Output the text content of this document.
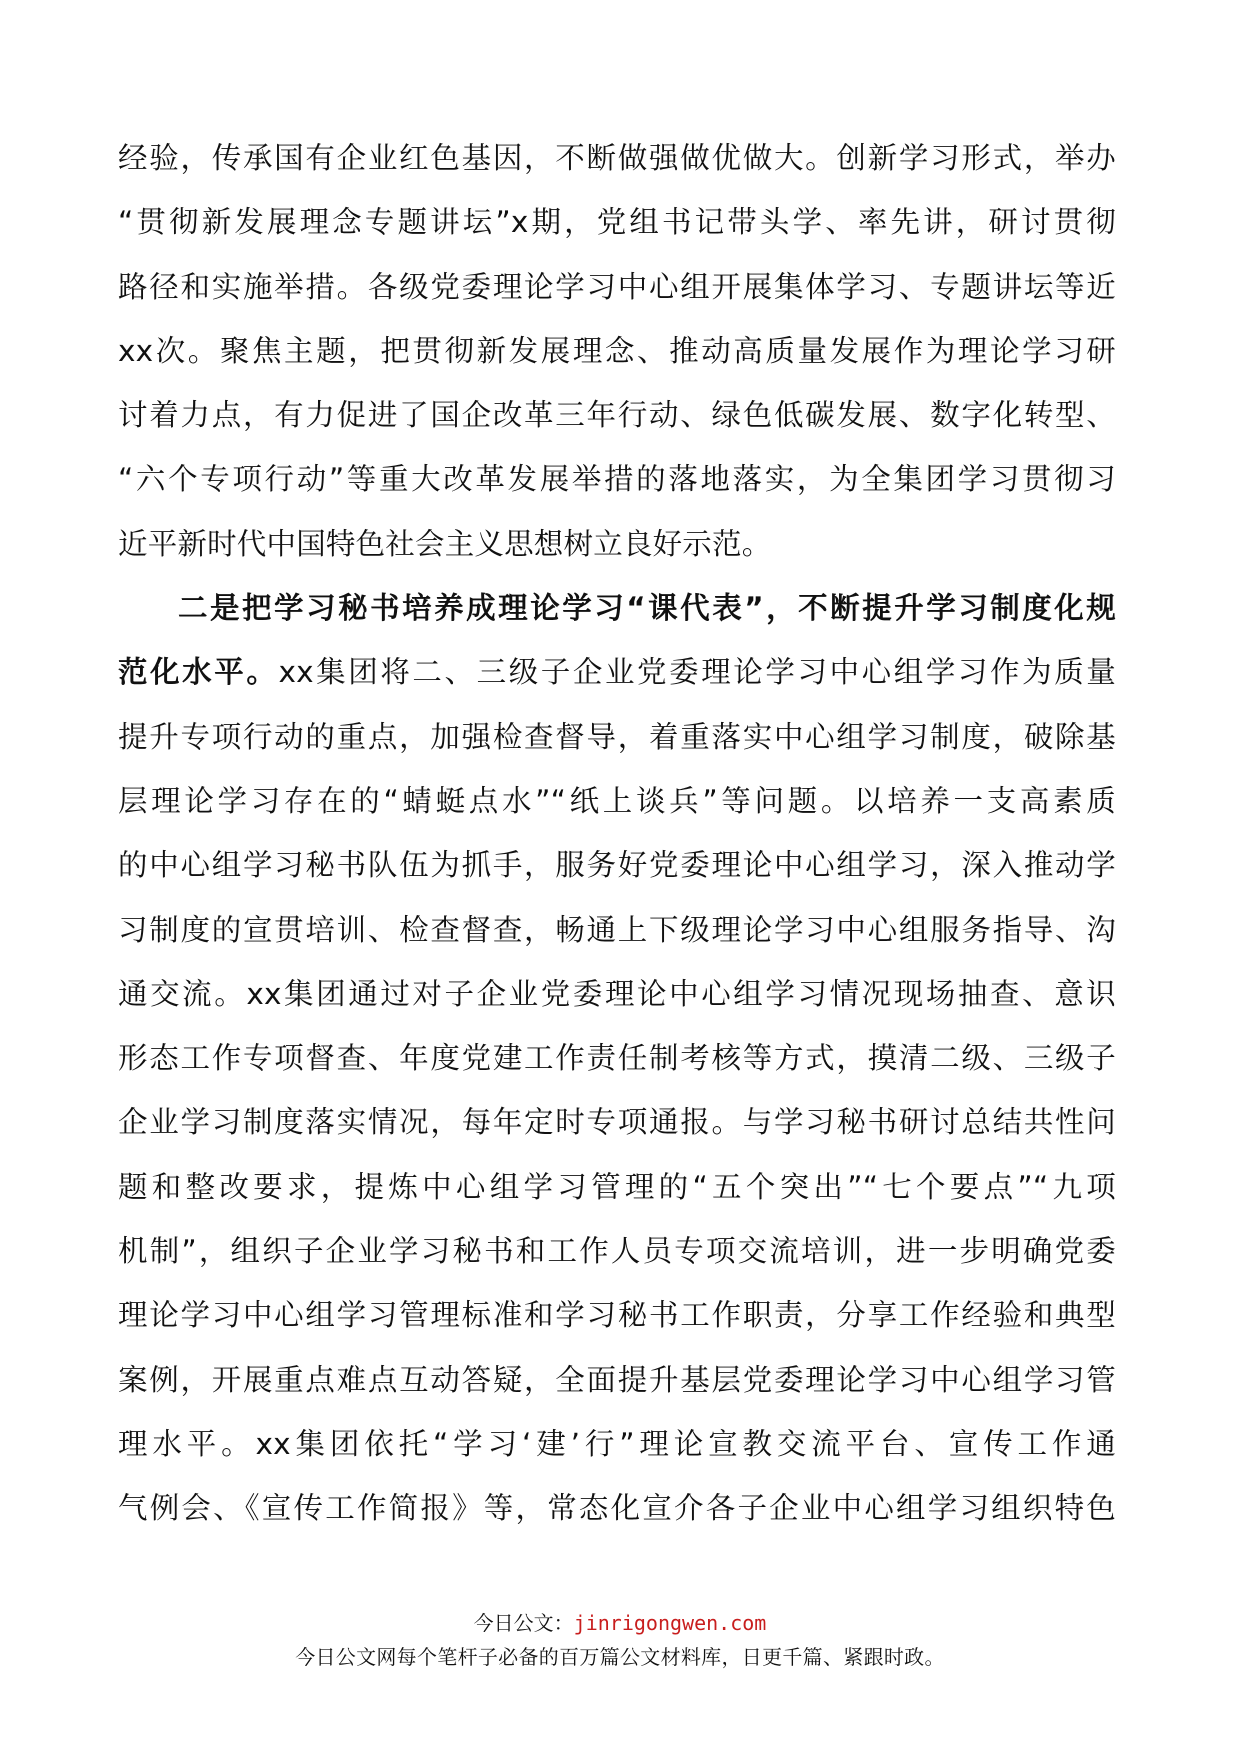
经验，传承国有企业红色基因，不断做强做优做大。创新学习形式，举办
“贯彻新发展理念专题讲坛”x期，党组书记带头学、率先讲，研讨贯彻
路径和实施举措。各级党委理论学习中心组开展集体学习、专题讲坛等近
xx次。聚焦主题，把贯彻新发展理念、推动高质量发展作为理论学习研
讨着力点，有力促进了国企改革三年行动、绿色低碳发展、数字化转型、
“六个专项行动”等重大改革发展举措的落地落实，为全集团学习贯彻习
近平新时代中国特色社会主义思想树立良好示范。
二是把学习秘书培养成理论学习“课代表”，不断提升学习制度化规
范化水平。xx集团将二、三级子企业党委理论学习中心组学习作为质量
提升专项行动的重点，加强检查督导，着重落实中心组学习制度，破除基
层理论学习存在的“蜻蜓点水”“纸上谈兵”等问题。以培养一支高素质
的中心组学习秘书队伍为抓手，服务好党委理论中心组学习，深入推动学
习制度的宣贯培训、检查督查，畅通上下级理论学习中心组服务指导、沟
通交流。xx集团通过对子企业党委理论中心组学习情况现场抽查、意识
形态工作专项督查、年度党建工作责任制考核等方式，摸清二级、三级子
企业学习制度落实情况，每年定时专项通报。与学习秘书研讨总结共性问
题和整改要求，提炼中心组学习管理的“五个突出”“七个要点”“九项
机制”，组织子企业学习秘书和工作人员专项交流培训，进一步明确党委
理论学习中心组学习管理标准和学习秘书工作职责，分享工作经验和典型
案例，开展重点难点互动答疑，全面提升基层党委理论学习中心组学习管
理水平。xx集团依托“学习‘建’行”理论宣教交流平台、宣传工作通
气例会、《宣传工作简报》等，常态化宣介各子企业中心组学习组织特色
今日公文：jinrigongwen.com
今日公文网每个笔杆子必备的百万篇公文材料库，日更千篇、紧跟时政。
